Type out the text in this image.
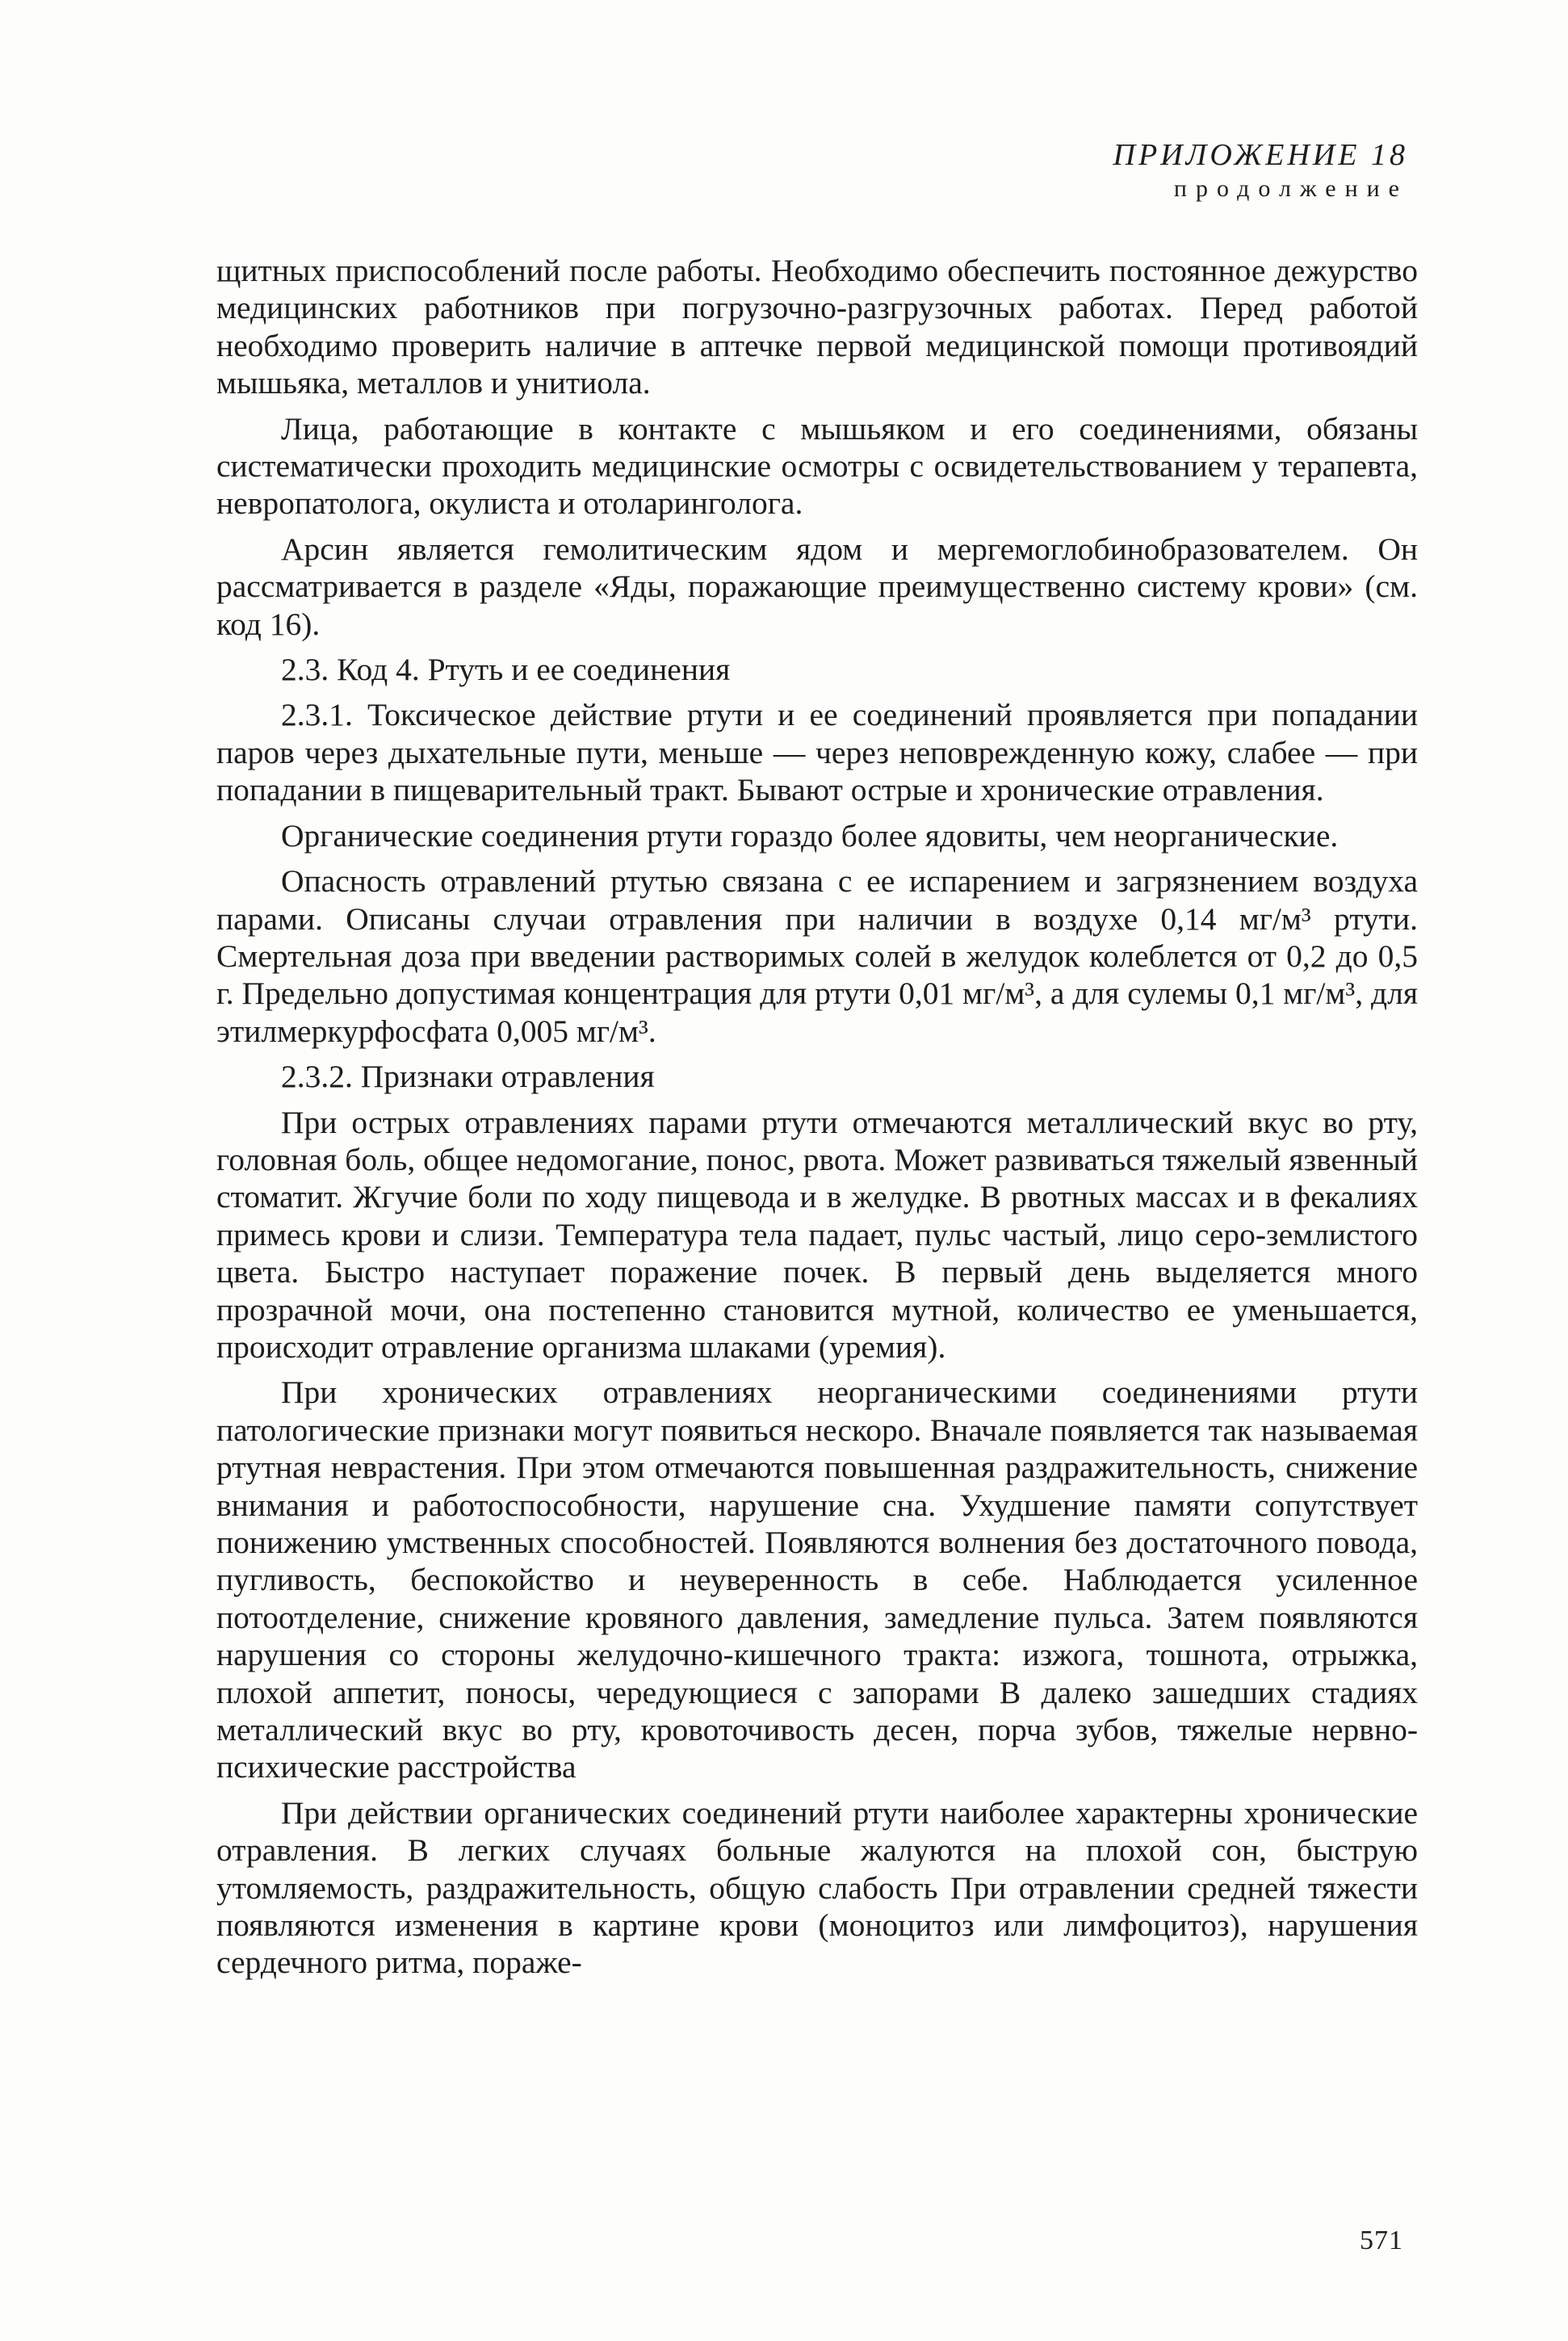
ПРИЛОЖЕНИЕ 18
продолжение

щитных приспособлений после работы. Необходимо обеспечить постоянное дежурство медицинских работников при погрузочно-разгрузочных работах. Перед работой необходимо проверить наличие в аптечке первой медицинской помощи противоядий мышьяка, металлов и унитиола.

Лица, работающие в контакте с мышьяком и его соединениями, обязаны систематически проходить медицинские осмотры с освидетельствованием у терапевта, невропатолога, окулиста и отоларинголога.

Арсин является гемолитическим ядом и мергемоглобинобразователем. Он рассматривается в разделе «Яды, поражающие преимущественно систему крови» (см. код 16).

2.3. Код 4. Ртуть и ее соединения

2.3.1. Токсическое действие ртути и ее соединений проявляется при попадании паров через дыхательные пути, меньше — через неповрежденную кожу, слабее — при попадании в пищеварительный тракт. Бывают острые и хронические отравления.

Органические соединения ртути гораздо более ядовиты, чем неорганические.

Опасность отравлений ртутью связана с ее испарением и загрязнением воздуха парами. Описаны случаи отравления при наличии в воздухе 0,14 мг/м³ ртути. Смертельная доза при введении растворимых солей в желудок колеблется от 0,2 до 0,5 г. Предельно допустимая концентрация для ртути 0,01 мг/м³, а для сулемы 0,1 мг/м³, для этилмеркурфосфата 0,005 мг/м³.

2.3.2. Признаки отравления

При острых отравлениях парами ртути отмечаются металлический вкус во рту, головная боль, общее недомогание, понос, рвота. Может развиваться тяжелый язвенный стоматит. Жгучие боли по ходу пищевода и в желудке. В рвотных массах и в фекалиях примесь крови и слизи. Температура тела падает, пульс частый, лицо серо-землистого цвета. Быстро наступает поражение почек. В первый день выделяется много прозрачной мочи, она постепенно становится мутной, количество ее уменьшается, происходит отравление организма шлаками (уремия).

При хронических отравлениях неорганическими соединениями ртути патологические признаки могут появиться нескоро. Вначале появляется так называемая ртутная неврастения. При этом отмечаются повышенная раздражительность, снижение внимания и работоспособности, нарушение сна. Ухудшение памяти сопутствует понижению умственных способностей. Появляются волнения без достаточного повода, пугливость, беспокойство и неуверенность в себе. Наблюдается усиленное потоотделение, снижение кровяного давления, замедление пульса. Затем появляются нарушения со стороны желудочно-кишечного тракта: изжога, тошнота, отрыжка, плохой аппетит, поносы, чередующиеся с запорами В далеко зашедших стадиях металлический вкус во рту, кровоточивость десен, порча зубов, тяжелые нервно-психические расстройства

При действии органических соединений ртути наиболее характерны хронические отравления. В легких случаях больные жалуются на плохой сон, быструю утомляемость, раздражительность, общую слабость При отравлении средней тяжести появляются изменения в картине крови (моноцитоз или лимфоцитоз), нарушения сердечного ритма, пораже-

571
